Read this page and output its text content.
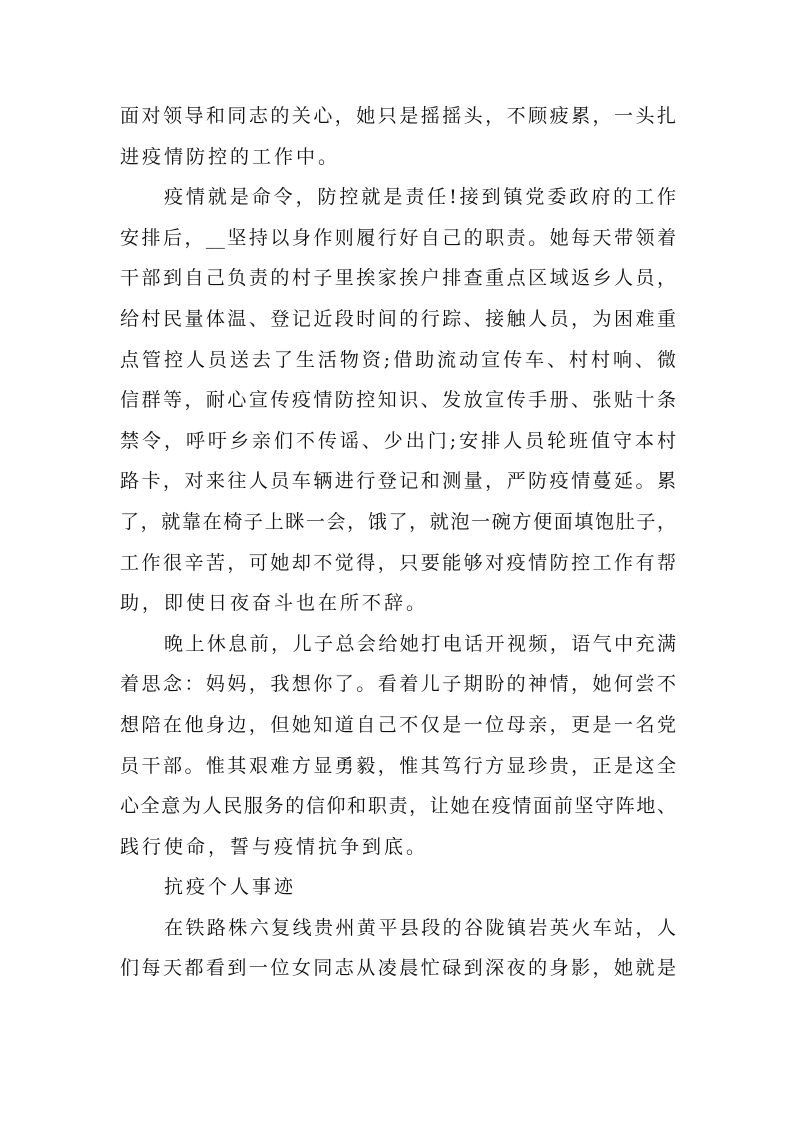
面对领导和同志的关心，她只是摇摇头，不顾疲累，一头扎
进疫情防控的工作中。
疫情就是命令，防控就是责任!接到镇党委政府的工作
安排后，__坚持以身作则履行好自己的职责。她每天带领着
干部到自己负责的村子里挨家挨户排查重点区域返乡人员，
给村民量体温、登记近段时间的行踪、接触人员，为困难重
点管控人员送去了生活物资;借助流动宣传车、村村响、微
信群等，耐心宣传疫情防控知识、发放宣传手册、张贴十条
禁令，呼吁乡亲们不传谣、少出门;安排人员轮班值守本村
路卡，对来往人员车辆进行登记和测量，严防疫情蔓延。累
了，就靠在椅子上眯一会，饿了，就泡一碗方便面填饱肚子，
工作很辛苦，可她却不觉得，只要能够对疫情防控工作有帮
助，即使日夜奋斗也在所不辞。
晚上休息前，儿子总会给她打电话开视频，语气中充满
着思念：妈妈，我想你了。看着儿子期盼的神情，她何尝不
想陪在他身边，但她知道自己不仅是一位母亲，更是一名党
员干部。惟其艰难方显勇毅，惟其笃行方显珍贵，正是这全
心全意为人民服务的信仰和职责，让她在疫情面前坚守阵地、
践行使命，誓与疫情抗争到底。
抗疫个人事迹
在铁路株六复线贵州黄平县段的谷陇镇岩英火车站，人
们每天都看到一位女同志从凌晨忙碌到深夜的身影，她就是
